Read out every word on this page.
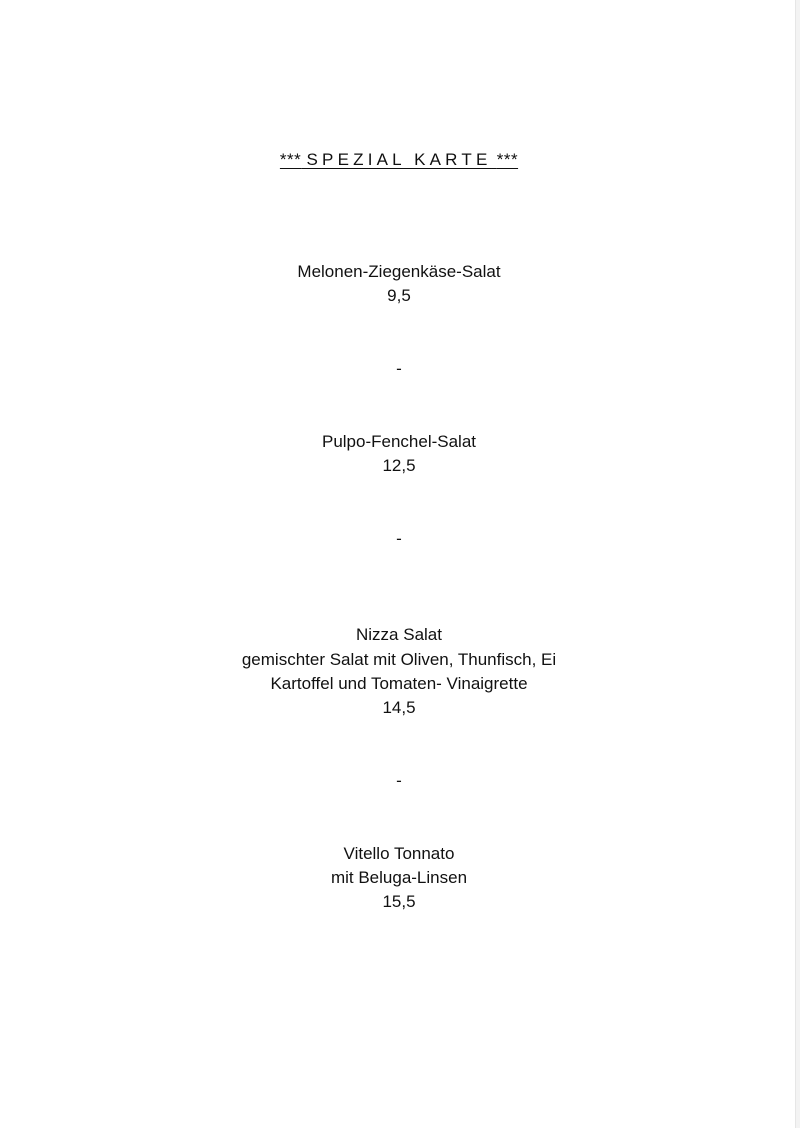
*** SPEZIAL KARTE ***
Melonen-Ziegenkäse-Salat
9,5
-
Pulpo-Fenchel-Salat
12,5
-
Nizza Salat
gemischter Salat mit Oliven, Thunfisch, Ei
Kartoffel und Tomaten- Vinaigrette
14,5
-
Vitello Tonnato
mit Beluga-Linsen
15,5
